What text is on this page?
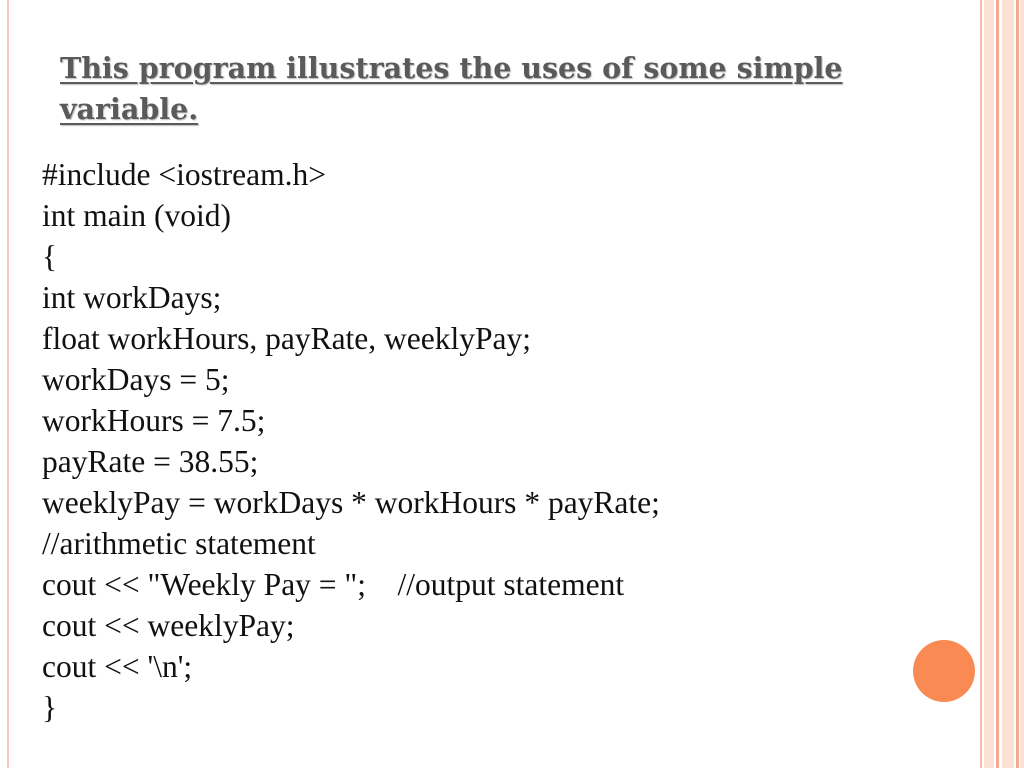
This program illustrates the uses of some simple variable.
#include <iostream.h>
int main (void)
{
int workDays;
float workHours, payRate, weeklyPay;
workDays = 5;
workHours = 7.5;
payRate = 38.55;
weeklyPay = workDays * workHours * payRate;
//arithmetic statement
cout << "Weekly Pay = ";    //output statement
cout << weeklyPay;
cout << '\n';
}
